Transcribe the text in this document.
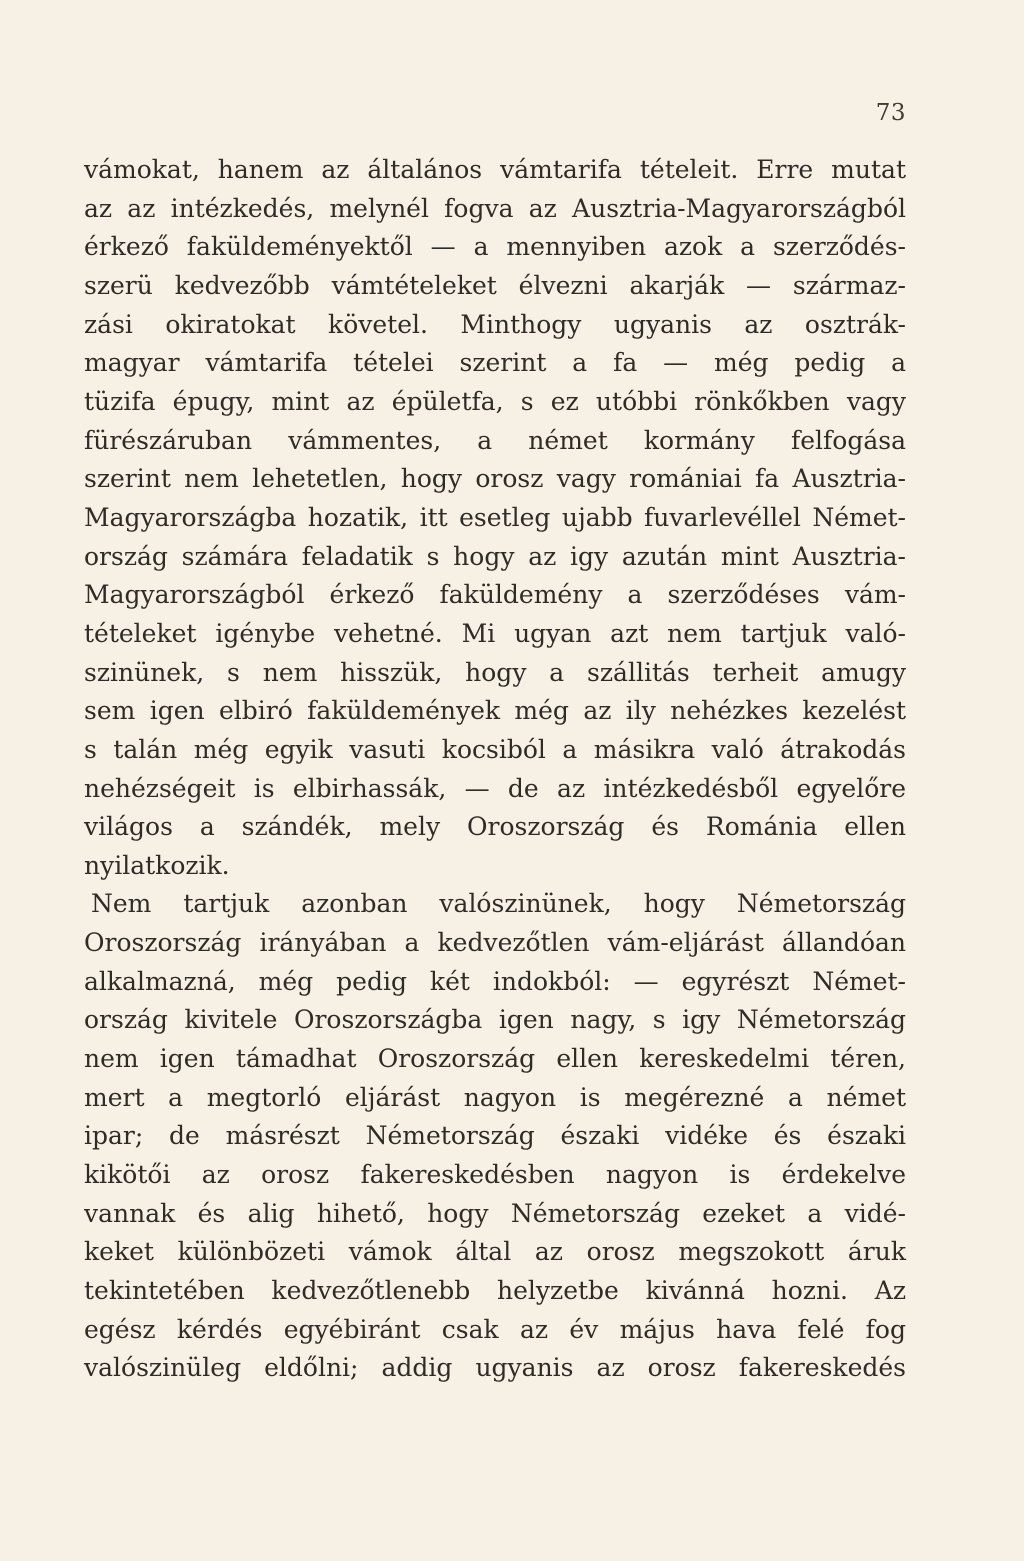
73
vámokat, hanem az általános vámtarifa tételeit. Erre mutat
az az intézkedés, melynél fogva az Ausztria-Magyarországból
érkező faküldeményektől — a mennyiben azok a szerződés-
szerü kedvezőbb vámtételeket élvezni akarják — származ-
zási okiratokat követel. Minthogy ugyanis az osztrák-
magyar vámtarifa tételei szerint a fa — még pedig a
tüzifa épugy, mint az épületfa, s ez utóbbi rönkőkben vagy
fürészáruban vámmentes, a német kormány felfogása
szerint nem lehetetlen, hogy orosz vagy romániai fa Ausztria-
Magyarországba hozatik, itt esetleg ujabb fuvarlevéllel Német-
ország számára feladatik s hogy az igy azután mint Ausztria-
Magyarországból érkező faküldemény a szerződéses vám-
tételeket igénybe vehetné. Mi ugyan azt nem tartjuk való-
szinünek, s nem hisszük, hogy a szállitás terheit amugy
sem igen elbiró faküldemények még az ily nehézkes kezelést
s talán még egyik vasuti kocsiból a másikra való átrakodás
nehézségeit is elbirhassák, — de az intézkedésből egyelőre
világos a szándék, mely Oroszország és Románia ellen
nyilatkozik.
Nem tartjuk azonban valószinünek, hogy Németország
Oroszország irányában a kedvezőtlen vám-eljárást állandóan
alkalmazná, még pedig két indokból: — egyrészt Német-
ország kivitele Oroszországba igen nagy, s igy Németország
nem igen támadhat Oroszország ellen kereskedelmi téren,
mert a megtorló eljárást nagyon is megérezné a német
ipar; de másrészt Németország északi vidéke és északi
kikötői az orosz fakereskedésben nagyon is érdekelve
vannak és alig hihető, hogy Németország ezeket a vidé-
keket különbözeti vámok által az orosz megszokott áruk
tekintetében kedvezőtlenebb helyzetbe kivánná hozni. Az
egész kérdés egyébiránt csak az év május hava felé fog
valószinüleg eldőlni; addig ugyanis az orosz fakereskedés
